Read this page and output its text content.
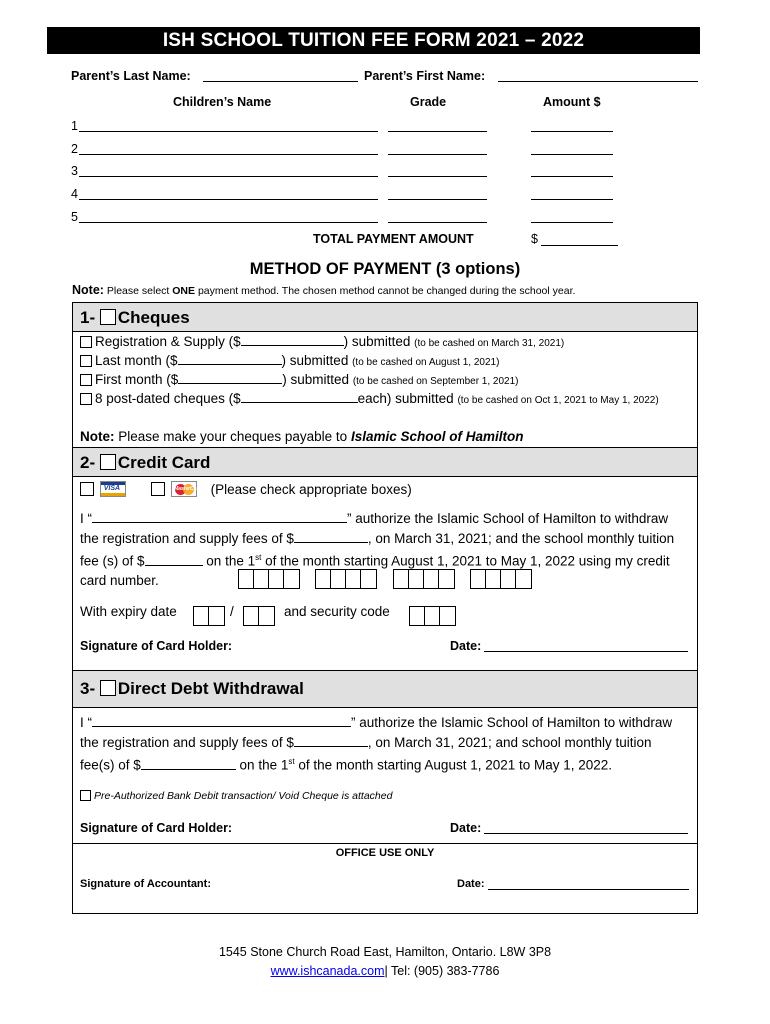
ISH SCHOOL TUITION FEE FORM 2021 – 2022
Parent’s Last Name:	Parent’s First Name:
Children’s Name	Grade	Amount $
1
2
3
4
5
TOTAL PAYMENT AMOUNT	$
METHOD OF PAYMENT (3 options)
Note: Please select ONE payment method. The chosen method cannot be changed during the school year.
1- Cheques
Registration & Supply ($	) submitted (to be cashed on March 31, 2021)
Last month ($	) submitted (to be cashed on August 1, 2021)
First month ($	) submitted (to be cashed on September 1, 2021)
8 post-dated cheques ($	each) submitted (to be cashed on Oct 1, 2021 to May 1, 2022)
Note: Please make your cheques payable to Islamic School of Hamilton
2- Credit Card

VISA
	MasterCard (Please check appropriate boxes)
I “	” authorize the Islamic School of Hamilton to withdraw
the registration and supply fees of $	, on March 31, 2021; and the school monthly tuition
fee (s) of $	on the 1st of the month starting August 1, 2021 to May 1, 2022 using my credit
card number.
With expiry date	/	and security code
Signature of Card Holder:	Date:
3- Direct Debt Withdrawal
I “	” authorize the Islamic School of Hamilton to withdraw
the registration and supply fees of $	, on March 31, 2021; and school monthly tuition
fee(s) of $	on the 1st of the month starting August 1, 2021 to May 1, 2022.
Pre-Authorized Bank Debit transaction/ Void Cheque is attached
Signature of Card Holder:	Date:
OFFICE USE ONLY
Signature of Accountant:	Date:
1545 Stone Church Road East, Hamilton, Ontario. L8W 3P8
www.ishcanada.com| Tel: (905) 383-7786
